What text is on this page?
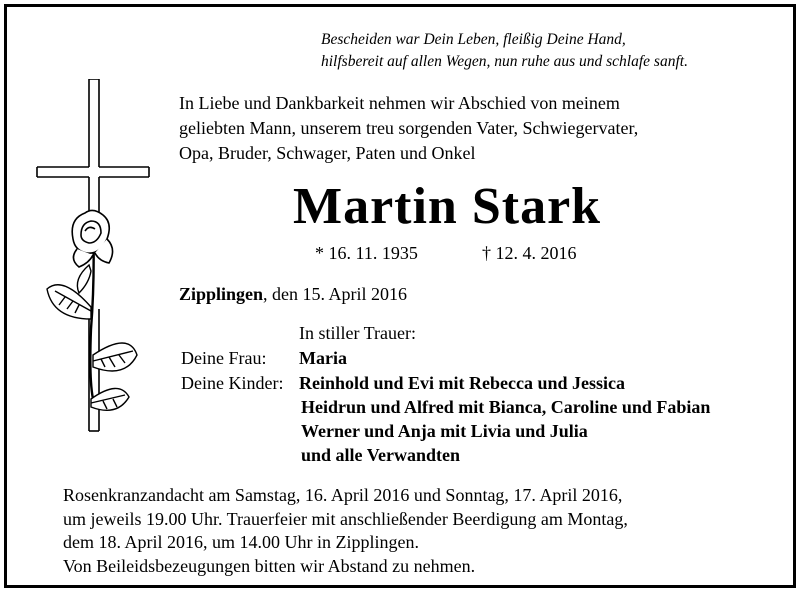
Bescheiden war Dein Leben, fleißig Deine Hand,
hilfsbereit auf allen Wegen, nun ruhe aus und schlafe sanft.
In Liebe und Dankbarkeit nehmen wir Abschied von meinem
geliebten Mann, unserem treu sorgenden Vater, Schwiegervater,
Opa, Bruder, Schwager, Paten und Onkel
Martin Stark
* 16. 11. 1935	† 12. 4. 2016
Zipplingen, den 15. April 2016
In stiller Trauer:
Deine Frau: Maria
Deine Kinder: Reinhold und Evi mit Rebecca und Jessica
Heidrun und Alfred mit Bianca, Caroline und Fabian
Werner und Anja mit Livia und Julia
und alle Verwandten
Rosenkranzandacht am Samstag, 16. April 2016 und Sonntag, 17. April 2016,
um jeweils 19.00 Uhr. Trauerfeier mit anschließender Beerdigung am Montag,
dem 18. April 2016, um 14.00 Uhr in Zipplingen.
Von Beileidsbezeugungen bitten wir Abstand zu nehmen.
